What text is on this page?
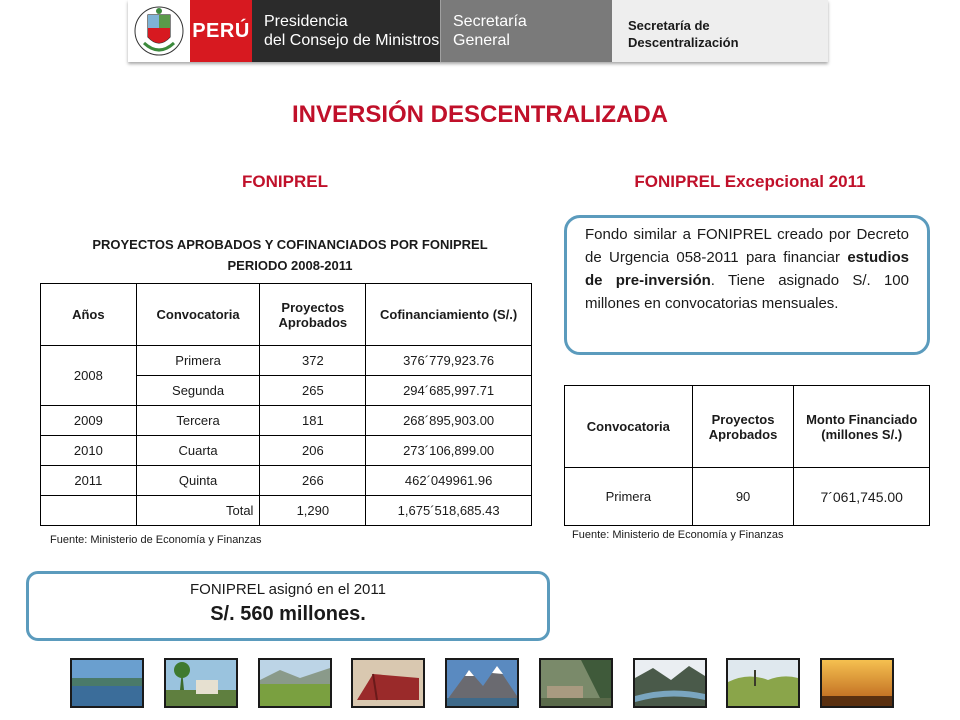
PERÚ Presidencia
del Consejo de Ministros
Secretaría
General
Secretaría de
Descentralización
INVERSIÓN DESCENTRALIZADA
FONIPREL	FONIPREL Excepcional 2011
PROYECTOS APROBADOS Y COFINANCIADOS POR FONIPREL
PERIODO 2008-2011
Años	Convocatoria	Proyectos Aprobados	Cofinanciamiento (S/.)
2008	Primera	372	376´779,923.76
	Segunda	265	294´685,997.71
2009	Tercera	181	268´895,903.00
2010	Cuarta	206	273´106,899.00
2011	Quinta	266	462´049961.96
	Total	1,290	1,675´518,685.43
Fuente: Ministerio de Economía y Finanzas
Fondo similar a FONIPREL creado por Decreto de Urgencia 058-2011 para financiar estudios de pre-inversión. Tiene asignado S/. 100 millones en convocatorias mensuales.
Convocatoria	Proyectos Aprobados	Monto Financiado (millones S/.)
Primera	90	7´061,745.00
Fuente: Ministerio de Economía y Finanzas
FONIPREL asignó en el 2011
S/. 560 millones.
